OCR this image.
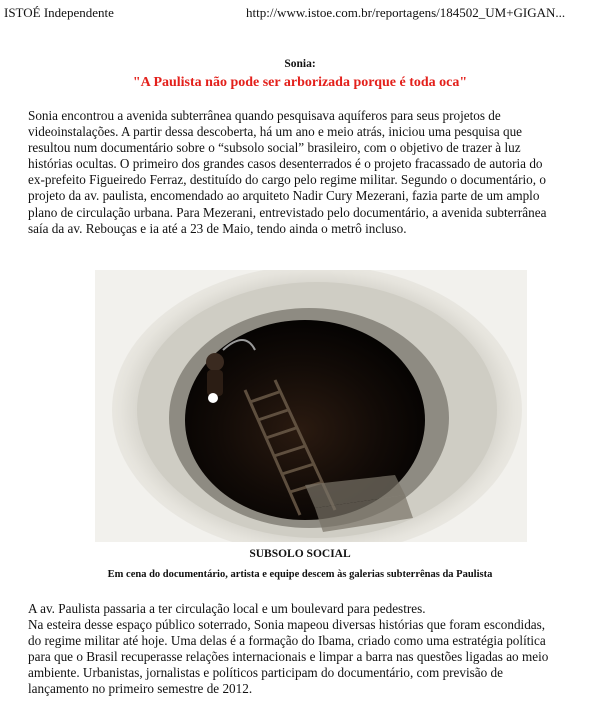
ISTOÉ Independente	http://www.istoe.com.br/reportagens/184502_UM+GIGAN...
Sonia:
"A Paulista não pode ser arborizada porque é toda oca"

Sonia encontrou a avenida subterrânea quando pesquisava aquíferos para seus projetos de
videoinstalações. A partir dessa descoberta, há um ano e meio atrás, iniciou uma pesquisa que
resultou num documentário sobre o “subsolo social” brasileiro, com o objetivo de trazer à luz
histórias ocultas. O primeiro dos grandes casos desenterrados é o projeto fracassado de autoria do
ex-prefeito Figueiredo Ferraz, destituído do cargo pelo regime militar. Segundo o documentário, o
projeto da av. paulista, encomendado ao arquiteto Nadir Cury Mezerani, fazia parte de um amplo
plano de circulação urbana. Para Mezerani, entrevistado pelo documentário, a avenida subterrânea
saía da av. Rebouças e ia até a 23 de Maio, tendo ainda o metrô incluso.

SUBSOLO SOCIAL
Em cena do documentário, artista e equipe descem às galerias subterrênas da Paulista

A av. Paulista passaria a ter circulação local e um boulevard para pedestres.
Na esteira desse espaço público soterrado, Sonia mapeou diversas histórias que foram escondidas,
do regime militar até hoje. Uma delas é a formação do Ibama, criado como uma estratégia política
para que o Brasil recuperasse relações internacionais e limpar a barra nas questões ligadas ao meio
ambiente. Urbanistas, jornalistas e políticos participam do documentário, com previsão de
lançamento no primeiro semestre de 2012.
